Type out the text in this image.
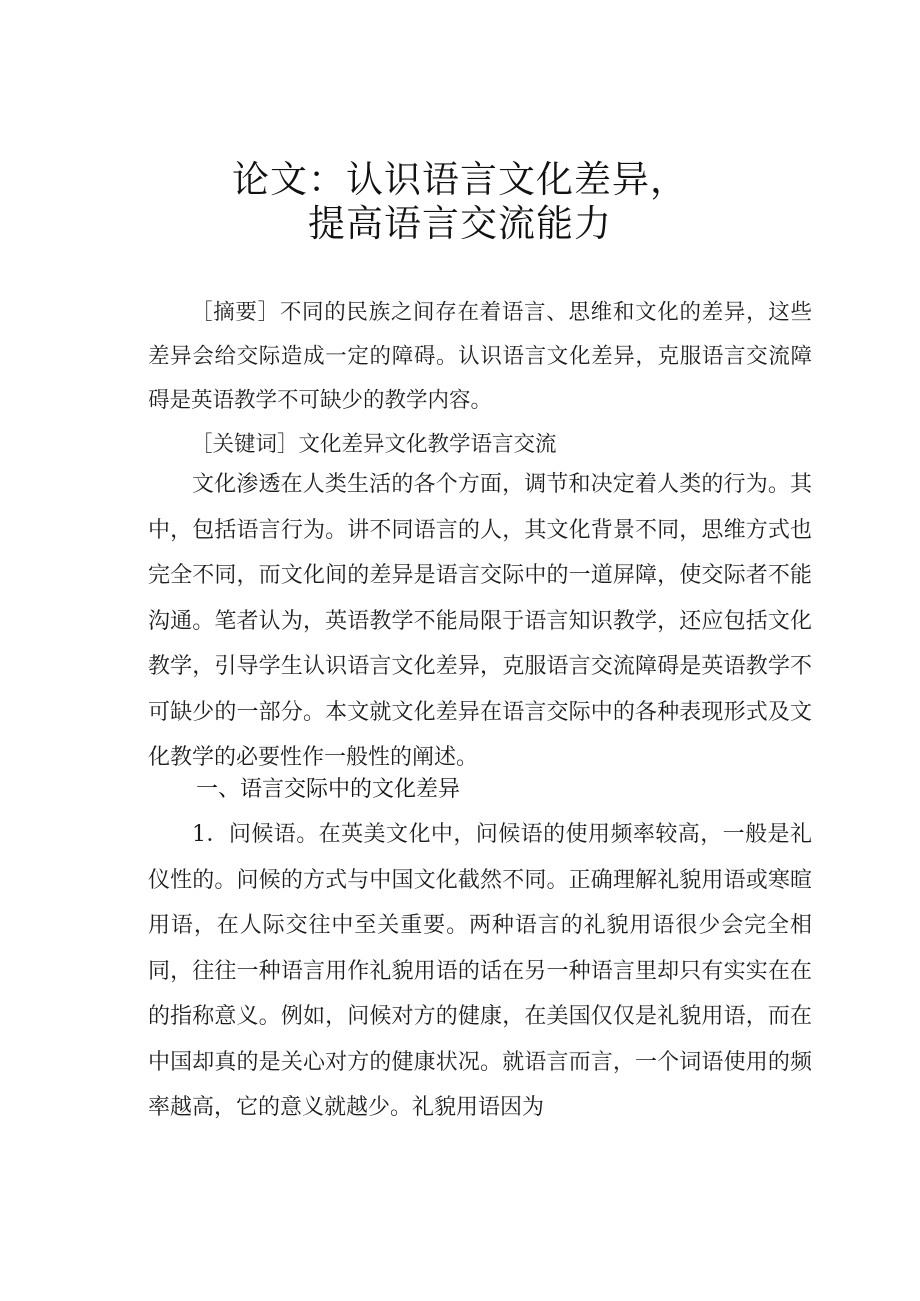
论文：认识语言文化差异，
提高语言交流能力

［摘要］不同的民族之间存在着语言、思维和文化的差异，这些差异会给交际造成一定的障碍。认识语言文化差异，克服语言交流障碍是英语教学不可缺少的教学内容。

［关键词］文化差异文化教学语言交流

文化渗透在人类生活的各个方面，调节和决定着人类的行为。其中，包括语言行为。讲不同语言的人，其文化背景不同，思维方式也完全不同，而文化间的差异是语言交际中的一道屏障，使交际者不能沟通。笔者认为，英语教学不能局限于语言知识教学，还应包括文化教学，引导学生认识语言文化差异，克服语言交流障碍是英语教学不可缺少的一部分。本文就文化差异在语言交际中的各种表现形式及文化教学的必要性作一般性的阐述。

一、语言交际中的文化差异

1．问候语。在英美文化中，问候语的使用频率较高，一般是礼仪性的。问候的方式与中国文化截然不同。正确理解礼貌用语或寒暄用语，在人际交往中至关重要。两种语言的礼貌用语很少会完全相同，往往一种语言用作礼貌用语的话在另一种语言里却只有实实在在的指称意义。例如，问候对方的健康，在美国仅仅是礼貌用语，而在中国却真的是关心对方的健康状况。就语言而言，一个词语使用的频率越高，它的意义就越少。礼貌用语因为
